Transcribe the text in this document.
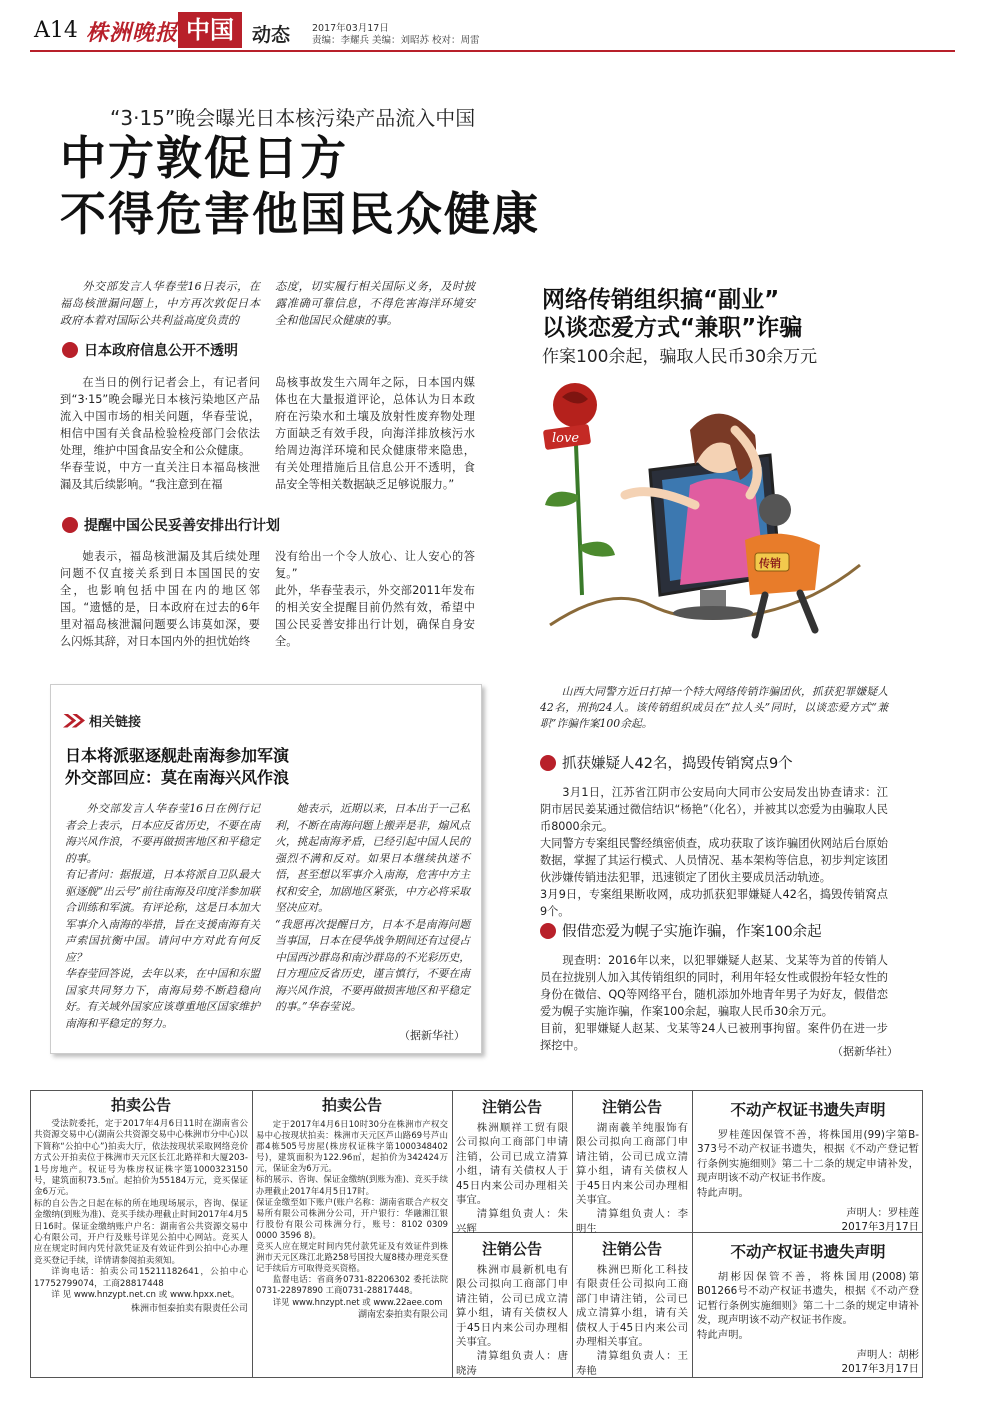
A14 株洲晚报 中国 动态 2017年03月17日
责编：李耀兵 美编：刘昭苏 校对：周雷
“3·15”晚会曝光日本核污染产品流入中国
中方敦促日方
不得危害他国民众健康
外交部发言人华春莹16日表示，在福岛核泄漏问题上，中方再次敦促日本政府本着对国际公共利益高度负责的
态度，切实履行相关国际义务，及时披露准确可靠信息，不得危害海洋环境安全和他国民众健康的事。
日本政府信息公开不透明
在当日的例行记者会上，有记者问到“3·15”晚会曝光日本核污染地区产品流入中国市场的相关问题，华春莹说，相信中国有关食品检验检疫部门会依法处理，维护中国食品安全和公众健康。
华春莹说，中方一直关注日本福岛核泄漏及其后续影响。“我注意到在福
岛核事故发生六周年之际，日本国内媒体也在大量报道评论，总体认为日本政府在污染水和土壤及放射性废弃物处理方面缺乏有效手段，向海洋排放核污水给周边海洋环境和民众健康带来隐患，有关处理措施后且信息公开不透明，食品安全等相关数据缺乏足够说服力。”
提醒中国公民妥善安排出行计划
她表示，福岛核泄漏及其后续处理问题不仅直接关系到日本国国民的安全，也影响包括中国在内的地区邻国。“遗憾的是，日本政府在过去的6年里对福岛核泄漏问题要么讳莫如深，要么闪烁其辞，对日本国内外的担忧始终
没有给出一个令人放心、让人安心的答复。”
此外，华春莹表示，外交部2011年发布的相关安全提醒目前仍然有效，希望中国公民妥善安排出行计划，确保自身安全。
相关链接
日本将派驱逐舰赴南海参加军演
外交部回应：莫在南海兴风作浪
外交部发言人华春莹16日在例行记者会上表示，日本应反省历史，不要在南海兴风作浪，不要再做损害地区和平稳定的事。
有记者问：据报道，日本将派自卫队最大驱逐舰“出云号”前往南海及印度洋参加联合训练和军演。有评论称，这是日本加大军事介入南海的举措，旨在支援南海有关声索国抗衡中国。请问中方对此有何反应？
华春莹回答说，去年以来，在中国和东盟国家共同努力下，南海局势不断趋稳向好。有关域外国家应该尊重地区国家维护南海和平稳定的努力。
她表示，近期以来，日本出于一己私利，不断在南海问题上搬弄是非，煽风点火，挑起南海矛盾，已经引起中国人民的强烈不满和反对。如果日本继续执迷不悟，甚至想以军事介入南海，危害中方主权和安全，加剧地区紧张，中方必将采取坚决应对。
“我愿再次提醒日方，日本不是南海问题当事国，日本在侵华战争期间还有过侵占中国西沙群岛和南沙群岛的不光彩历史，日方理应反省历史，谨言慎行，不要在南海兴风作浪，不要再做损害地区和平稳定的事。”华春莹说。
（据新华社）
网络传销组织搞“副业”
以谈恋爱方式“兼职”诈骗
作案100余起，骗取人民币30余万元
love
传销
山西大同警方近日打掉一个特大网络传销诈骗团伙，抓获犯罪嫌疑人42名，刑拘24人。该传销组织成员在“拉人头”同时，以谈恋爱方式“兼职”诈骗作案100余起。
抓获嫌疑人42名，捣毁传销窝点9个
3月1日，江苏省江阴市公安局向大同市公安局发出协查请求：江阴市居民姜某通过微信结识“杨艳”（化名），并被其以恋爱为由骗取人民币8000余元。
大同警方专案组民警经缜密侦查，成功获取了该诈骗团伙网站后台原始数据，掌握了其运行模式、人员情况、基本架构等信息，初步判定该团伙涉嫌传销违法犯罪，迅速锁定了团伙主要成员活动轨迹。
3月9日，专案组果断收网，成功抓获犯罪嫌疑人42名，捣毁传销窝点9个。
假借恋爱为幌子实施诈骗，作案100余起
现查明：2016年以来，以犯罪嫌疑人赵某、戈某等为首的传销人员在拉拢别人加入其传销组织的同时，利用年轻女性或假扮年轻女性的身份在微信、QQ等网络平台，随机添加外地青年男子为好友，假借恋爱为幌子实施诈骗，作案100余起，骗取人民币30余万元。
目前，犯罪嫌疑人赵某、戈某等24人已被刑事拘留。案件仍在进一步探挖中。	（据新华社）
拍卖公告
受法院委托，定于2017年4月6日11时在湖南省公共资源交易中心(湖南公共资源交易中心株洲市分中心)以下简称“公拍中心”)拍卖大厅，依法按现状采取网络竞价方式公开拍卖位于株洲市天元区长江北路祥和大厦203-1号房地产。权证号为株房权证株字第1000323150号，建筑面积73.5㎡。起拍价为55184万元，竞买保证金6万元。
标的自公告之日起在标的所在地现场展示，咨询、保证金缴纳(到账为准)、竞买手续办理截止时间2017年4月5日16时。保证金缴纳账户户名：湖南省公共资源交易中心有限公司，开户行及账号详见公拍中心网站。竞买人应在规定时间内凭付款凭证及有效证件到公拍中心办理竞买登记手续，详情请参阅拍卖须知。
详询电话：拍卖公司15211182641，公拍中心17752799074，工商28817448
详 见 www.hnzypt.net.cn 或 www.hpxx.net。
株洲市恒泰拍卖有限责任公司
拍卖公告
定于2017年4月6日10时30分在株洲市产权交易中心按现状拍卖：株洲市天元区芦山路69号芦山郡4栋505号房屋(株房权证株字第1000348402号)，建筑面积为122.96㎡，起拍价为342424万元，保证金为6万元。
标的展示、咨询、保证金缴纳(到账为准)、竞买手续办理截止2017年4月5日17时。
保证金缴至如下账户(账户名称：湖南省联合产权交易所有限公司株洲分公司，开户银行：华融湘江银行股份有限公司株洲分行，账号：8102 0309 0000 3596 8)。
竞买人应在规定时间内凭付款凭证及有效证件到株洲市天元区珠江北路258号国投大厦8楼办理竞买登记手续后方可取得竞买资格。
监督电话：省商务0731-82206302 委托法院0731-22897890 工商0731-28817448。
详见 www.hnzypt.net 或 www.22aee.com
湖南宏泰拍卖有限公司
注销公告
株洲顺祥工贸有限公司拟向工商部门申请注销，公司已成立清算小组，请有关债权人于45日内来公司办理相关事宜。
清算组负责人：朱兴辉
注销公告
湖南羲羊纯服饰有限公司拟向工商部门申请注销，公司已成立清算小组，请有关债权人于45日内来公司办理相关事宜。
清算组负责人：李明生
注销公告
株洲市晨新机电有限公司拟向工商部门申请注销，公司已成立清算小组，请有关债权人于45日内来公司办理相关事宜。
清算组负责人：唐晓涛
注销公告
株洲巴斯化工科技有限责任公司拟向工商部门申请注销，公司已成立清算小组，请有关债权人于45日内来公司办理相关事宜。
清算组负责人：王寿艳
不动产权证书遗失声明
罗桂莲因保管不善，将株国用(99)字第B-373号不动产权证书遗失，根据《不动产登记暂行条例实施细则》第二十二条的规定申请补发，现声明该不动产权证书作废。
特此声明。
声明人：罗桂莲
2017年3月17日
不动产权证书遗失声明
胡彬因保管不善，将株国用(2008)第B01266号不动产权证书遗失，根据《不动产登记暂行条例实施细则》第二十二条的规定申请补发，现声明该不动产权证书作废。
特此声明。
声明人：胡彬
2017年3月17日
